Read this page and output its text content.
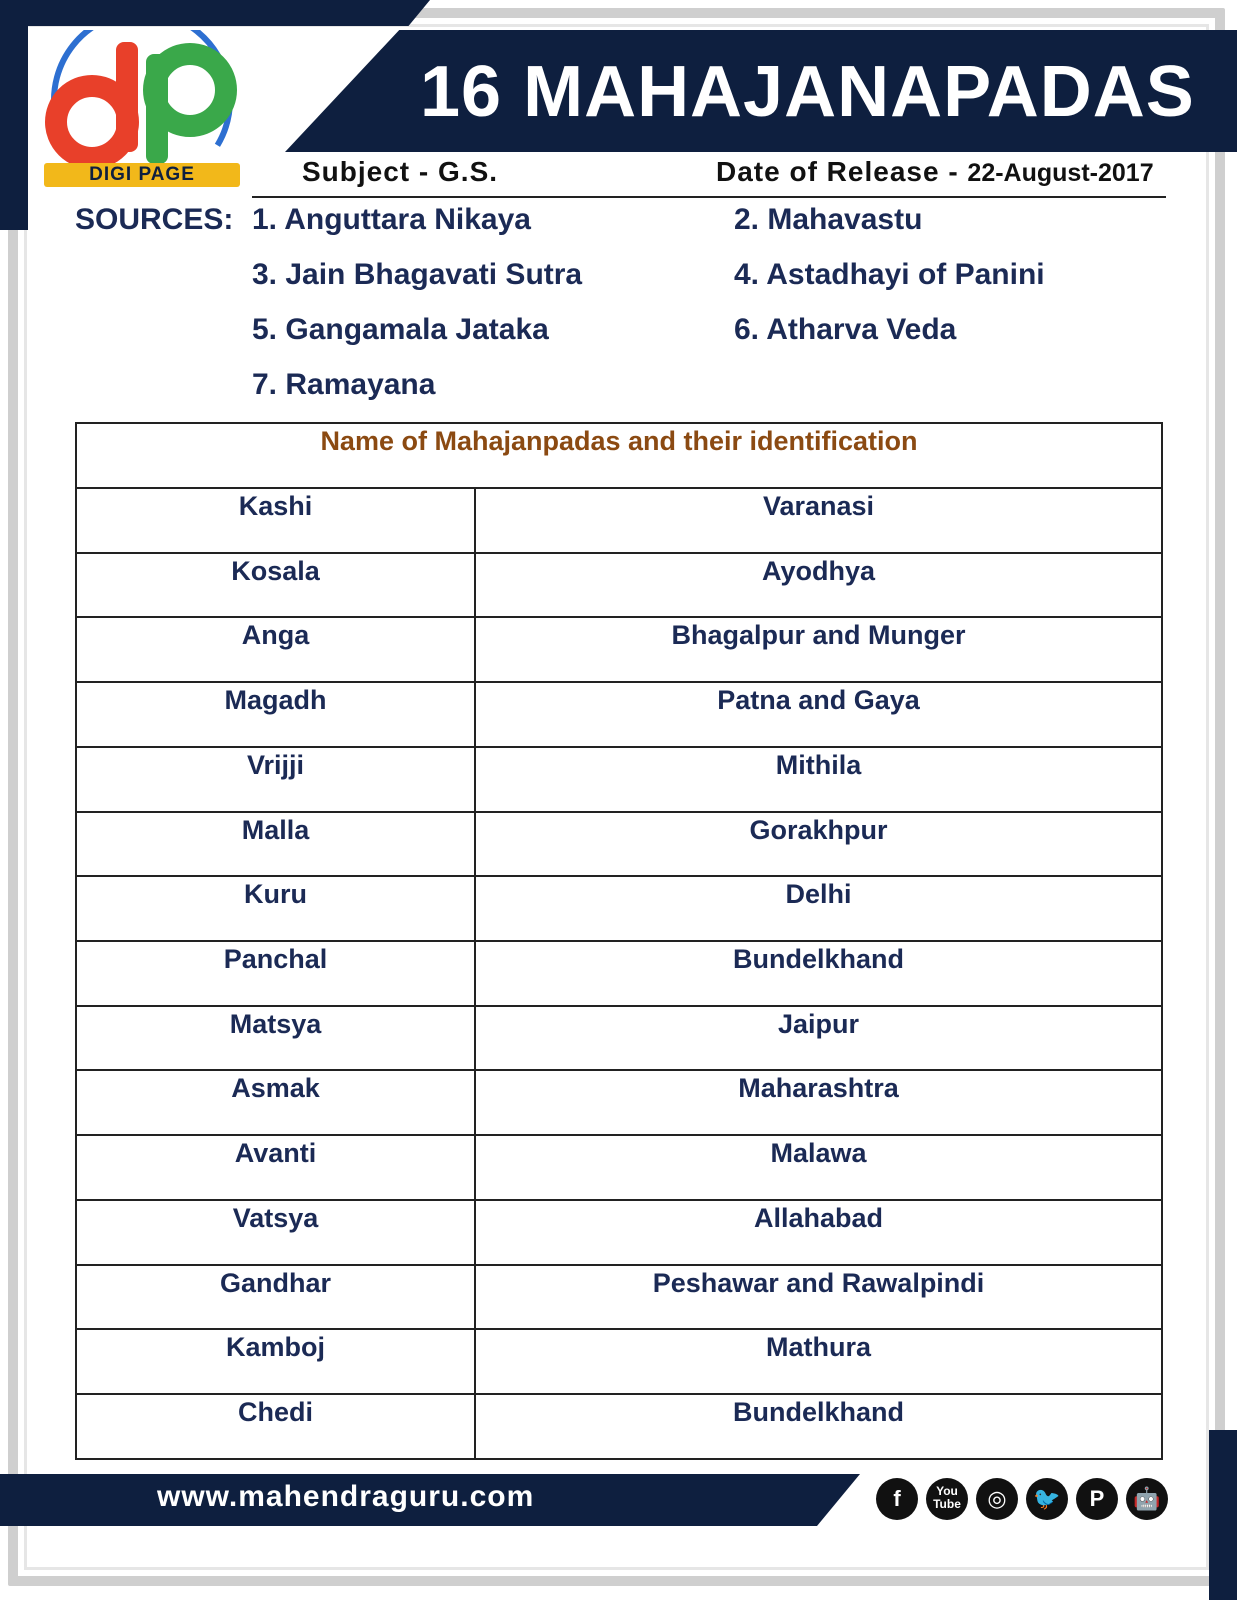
16 MAHAJANAPADAS
DIGI PAGE	Subject - G.S.	Date of Release - 22-August-2017
SOURCES: 1. Anguttara Nikaya	2. Mahavastu
3. Jain Bhagavati Sutra	4. Astadhayi of Panini
5. Gangamala Jataka	6. Atharva Veda
7. Ramayana
Name of Mahajanpadas and their identification
Kashi	Varanasi
Kosala	Ayodhya
Anga	Bhagalpur and Munger
Magadh	Patna and Gaya
Vrijji	Mithila
Malla	Gorakhpur
Kuru	Delhi
Panchal	Bundelkhand
Matsya	Jaipur
Asmak	Maharashtra
Avanti	Malawa
Vatsya	Allahabad
Gandhar	Peshawar and Rawalpindi
Kamboj	Mathura
Chedi	Bundelkhand
www.mahendraguru.com	f	You Tube	◎	🐦	P	🤖
